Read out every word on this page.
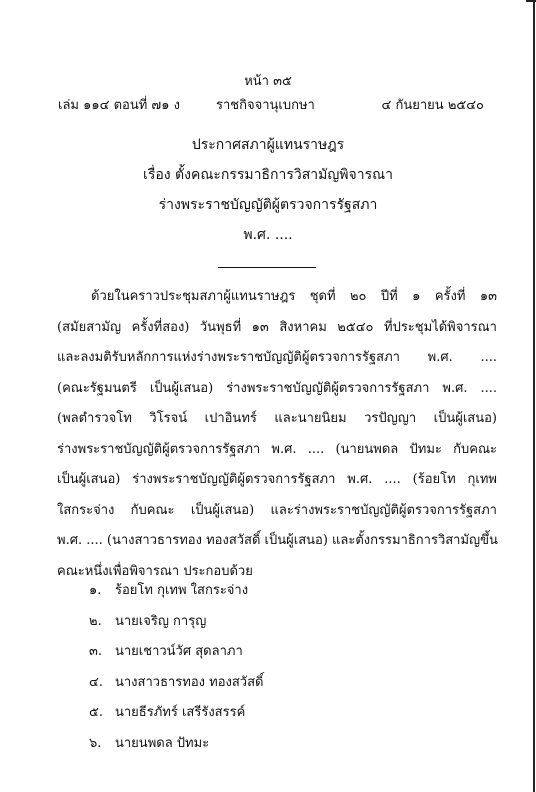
หน้า ๓๕
เล่ม ๑๑๔ ตอนที่ ๗๑ ง	ราชกิจจานุเบกษา	๔ กันยายน ๒๕๔๐
ประกาศสภาผู้แทนราษฎร
เรื่อง ตั้งคณะกรรมาธิการวิสามัญพิจารณา
ร่างพระราชบัญญัติผู้ตรวจการรัฐสภา
พ.ศ. ....
ด้วยในคราวประชุมสภาผู้แทนราษฎร ชุดที่ ๒๐ ปีที่ ๑ ครั้งที่ ๑๓
(สมัยสามัญ ครั้งที่สอง) วันพุธที่ ๑๓ สิงหาคม ๒๕๔๐ ที่ประชุมได้พิจารณา
และลงมติรับหลักการแห่งร่างพระราชบัญญัติผู้ตรวจการรัฐสภา พ.ศ. ....
(คณะรัฐมนตรี เป็นผู้เสนอ) ร่างพระราชบัญญัติผู้ตรวจการรัฐสภา พ.ศ. ....
(พลตำรวจโท วิโรจน์ เปาอินทร์ และนายนิยม วรปัญญา เป็นผู้เสนอ)
ร่างพระราชบัญญัติผู้ตรวจการรัฐสภา พ.ศ. .... (นายนพดล ปัทมะ กับคณะ
เป็นผู้เสนอ) ร่างพระราชบัญญัติผู้ตรวจการรัฐสภา พ.ศ. .... (ร้อยโท กุเทพ
ใสกระจ่าง กับคณะ เป็นผู้เสนอ) และร่างพระราชบัญญัติผู้ตรวจการรัฐสภา
พ.ศ. .... (นางสาวธารทอง ทองสวัสดิ์ เป็นผู้เสนอ) และตั้งกรรมาธิการวิสามัญขึ้น
คณะหนึ่งเพื่อพิจารณา ประกอบด้วย
๑. ร้อยโท กุเทพ ใสกระจ่าง
๒. นายเจริญ การุญ
๓. นายเชาวน์วัศ สุดลาภา
๔. นางสาวธารทอง ทองสวัสดิ์
๕. นายธีรภัทร์ เสรีรังสรรค์
๖. นายนพดล ปัทมะ
